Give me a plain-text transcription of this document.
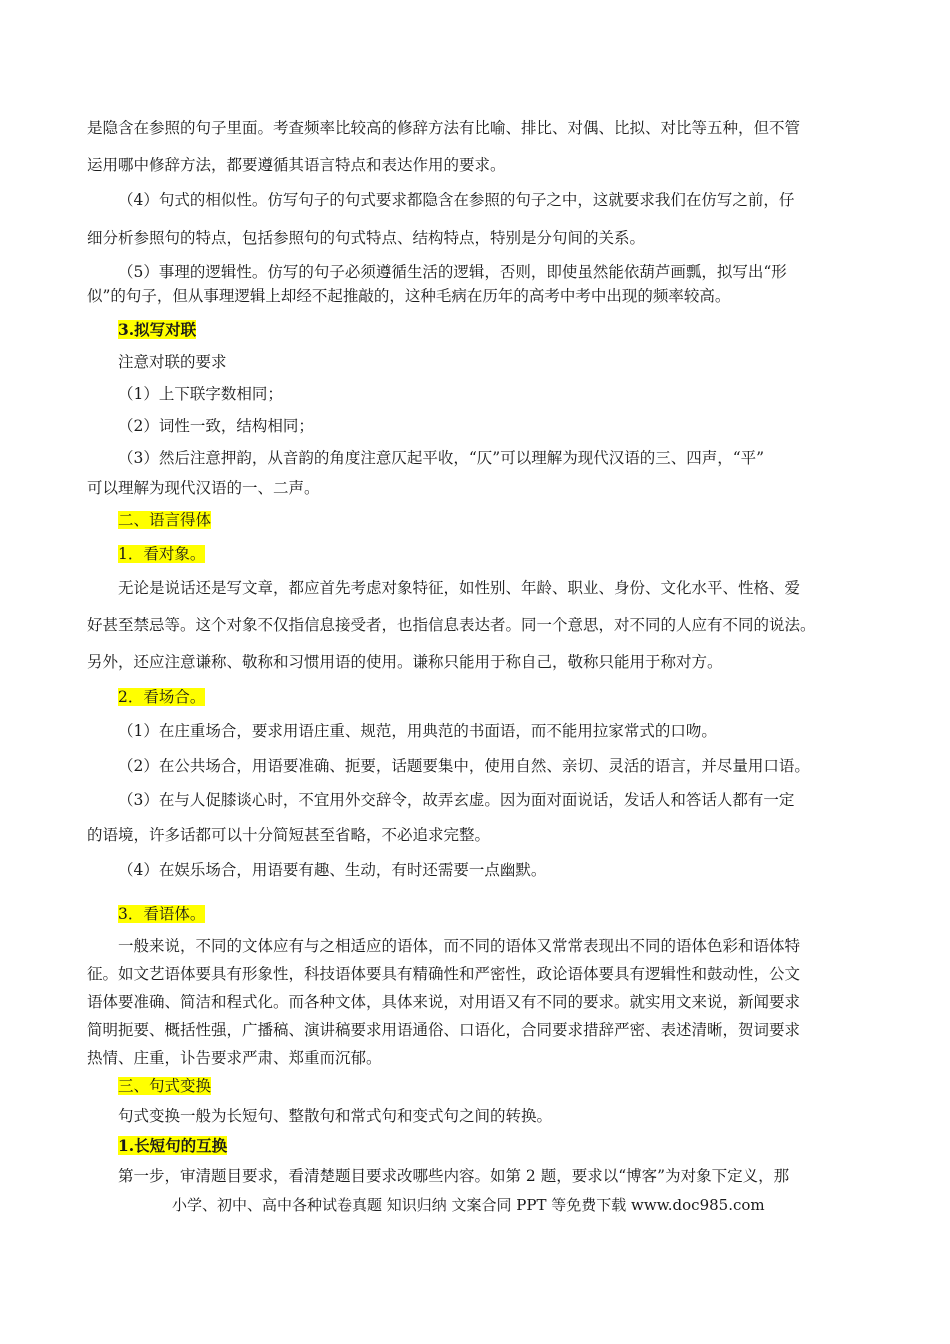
是隐含在参照的句子里面。考查频率比较高的修辞方法有比喻、排比、对偶、比拟、对比等五种，但不管
运用哪中修辞方法，都要遵循其语言特点和表达作用的要求。
（4）句式的相似性。仿写句子的句式要求都隐含在参照的句子之中，这就要求我们在仿写之前，仔
细分析参照句的特点，包括参照句的句式特点、结构特点，特别是分句间的关系。
（5）事理的逻辑性。仿写的句子必须遵循生活的逻辑，否则，即使虽然能依葫芦画瓢，拟写出“形
似”的句子，但从事理逻辑上却经不起推敲的，这种毛病在历年的高考中考中出现的频率较高。
3.拟写对联
注意对联的要求
（1）上下联字数相同；
（2）词性一致，结构相同；
（3）然后注意押韵，从音韵的角度注意仄起平收，“仄”可以理解为现代汉语的三、四声，“平”
可以理解为现代汉语的一、二声。
二、语言得体
1．看对象。
无论是说话还是写文章，都应首先考虑对象特征，如性别、年龄、职业、身份、文化水平、性格、爱
好甚至禁忌等。这个对象不仅指信息接受者，也指信息表达者。同一个意思，对不同的人应有不同的说法。
另外，还应注意谦称、敬称和习惯用语的使用。谦称只能用于称自己，敬称只能用于称对方。
2．看场合。
（1）在庄重场合，要求用语庄重、规范，用典范的书面语，而不能用拉家常式的口吻。
（2）在公共场合，用语要准确、扼要，话题要集中，使用自然、亲切、灵活的语言，并尽量用口语。
（3）在与人促膝谈心时，不宜用外交辞令，故弄玄虚。因为面对面说话，发话人和答话人都有一定
的语境，许多话都可以十分简短甚至省略，不必追求完整。
（4）在娱乐场合，用语要有趣、生动，有时还需要一点幽默。
3．看语体。
一般来说，不同的文体应有与之相适应的语体，而不同的语体又常常表现出不同的语体色彩和语体特
征。如文艺语体要具有形象性，科技语体要具有精确性和严密性，政论语体要具有逻辑性和鼓动性，公文
语体要准确、简洁和程式化。而各种文体，具体来说，对用语又有不同的要求。就实用文来说，新闻要求
简明扼要、概括性强，广播稿、演讲稿要求用语通俗、口语化，合同要求措辞严密、表述清晰，贺词要求
热情、庄重，讣告要求严肃、郑重而沉郁。
三、句式变换
句式变换一般为长短句、整散句和常式句和变式句之间的转换。
1.长短句的互换
第一步，审清题目要求，看清楚题目要求改哪些内容。如第 2 题，要求以“博客”为对象下定义，那
小学、初中、高中各种试卷真题 知识归纳 文案合同 PPT 等免费下载 www.doc985.com
